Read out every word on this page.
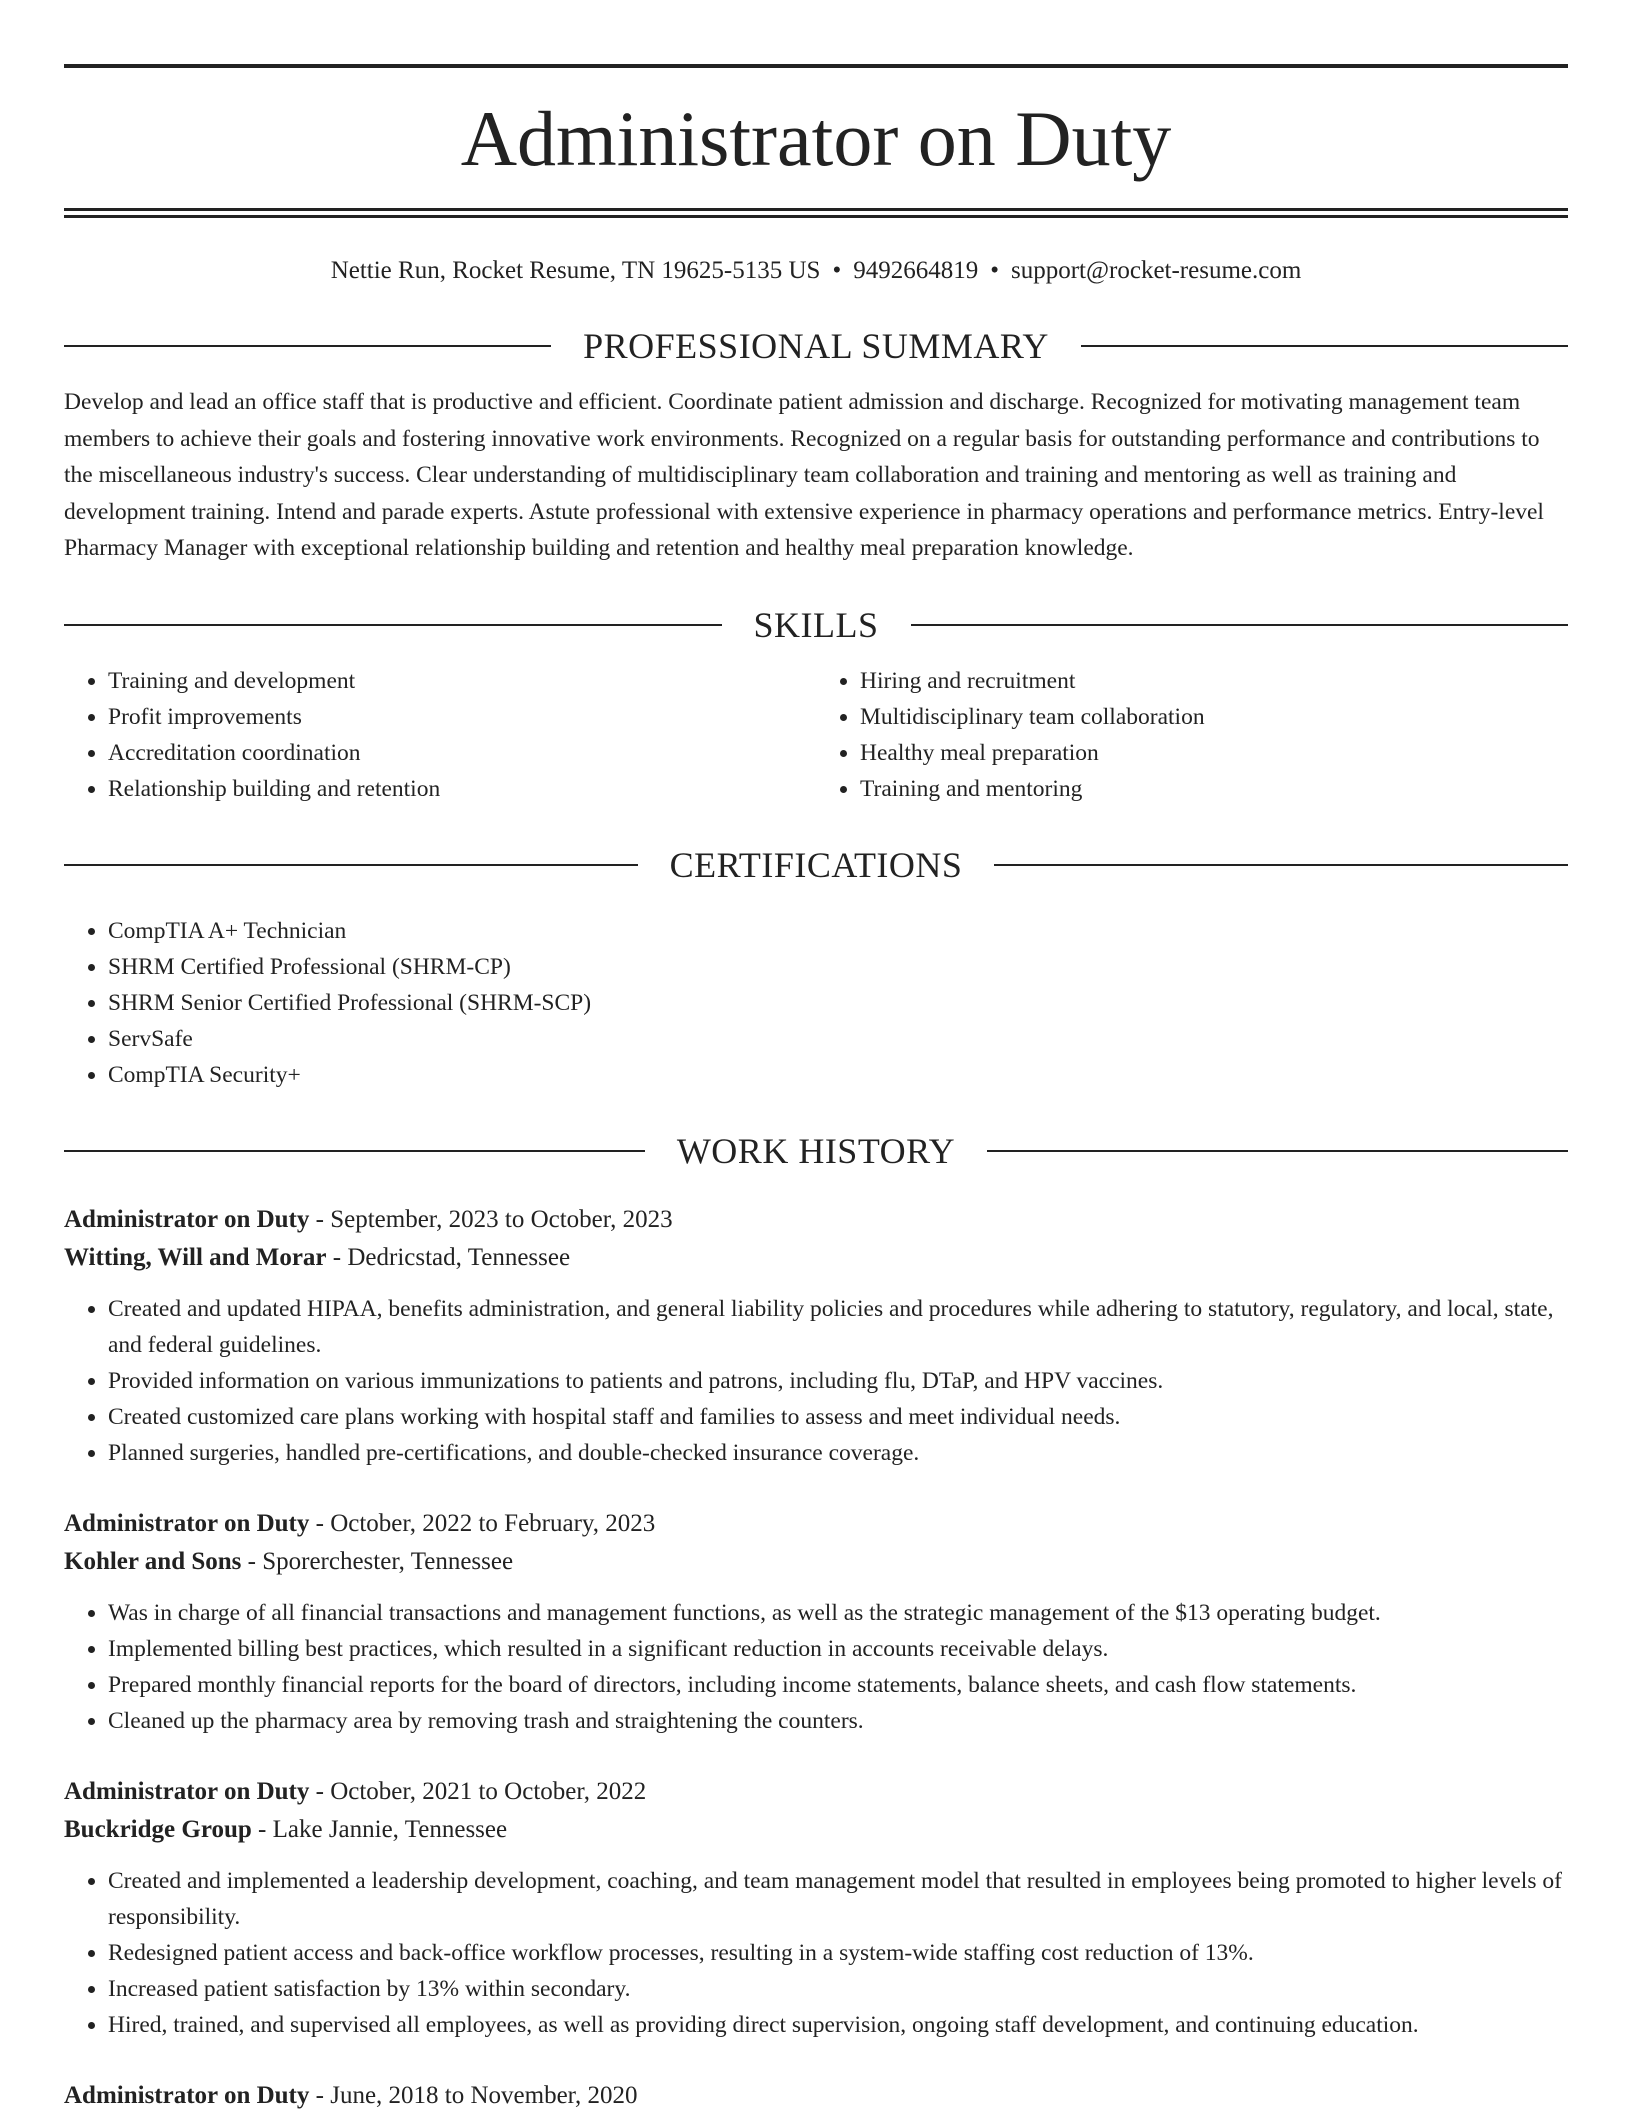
Administrator on Duty
Nettie Run, Rocket Resume, TN 19625-5135 US • 9492664819 • support@rocket-resume.com
PROFESSIONAL SUMMARY

Develop and lead an office staff that is productive and efficient. Coordinate patient admission and discharge. Recognized for motivating management team members to achieve their goals and fostering innovative work environments. Recognized on a regular basis for outstanding performance and contributions to the miscellaneous industry's success. Clear understanding of multidisciplinary team collaboration and training and mentoring as well as training and development training. Intend and parade experts. Astute professional with extensive experience in pharmacy operations and performance metrics. Entry-level Pharmacy Manager with exceptional relationship building and retention and healthy meal preparation knowledge.

SKILLS
• Training and development
• Profit improvements
• Accreditation coordination
• Relationship building and retention
• Hiring and recruitment
• Multidisciplinary team collaboration
• Healthy meal preparation
• Training and mentoring
CERTIFICATIONS
• CompTIA A+ Technician
• SHRM Certified Professional (SHRM-CP)
• SHRM Senior Certified Professional (SHRM-SCP)
• ServSafe
• CompTIA Security+
WORK HISTORY
Administrator on Duty - September, 2023 to October, 2023
Witting, Will and Morar - Dedricstad, Tennessee
• Created and updated HIPAA, benefits administration, and general liability policies and procedures while adhering to statutory, regulatory, and local, state, and federal guidelines.
• Provided information on various immunizations to patients and patrons, including flu, DTaP, and HPV vaccines.
• Created customized care plans working with hospital staff and families to assess and meet individual needs.
• Planned surgeries, handled pre-certifications, and double-checked insurance coverage.
Administrator on Duty - October, 2022 to February, 2023
Kohler and Sons - Sporerchester, Tennessee
• Was in charge of all financial transactions and management functions, as well as the strategic management of the $13 operating budget.
• Implemented billing best practices, which resulted in a significant reduction in accounts receivable delays.
• Prepared monthly financial reports for the board of directors, including income statements, balance sheets, and cash flow statements.
• Cleaned up the pharmacy area by removing trash and straightening the counters.
Administrator on Duty - October, 2021 to October, 2022
Buckridge Group - Lake Jannie, Tennessee
• Created and implemented a leadership development, coaching, and team management model that resulted in employees being promoted to higher levels of responsibility.
• Redesigned patient access and back-office workflow processes, resulting in a system-wide staffing cost reduction of 13%.
• Increased patient satisfaction by 13% within secondary.
• Hired, trained, and supervised all employees, as well as providing direct supervision, ongoing staff development, and continuing education.
Administrator on Duty - June, 2018 to November, 2020
